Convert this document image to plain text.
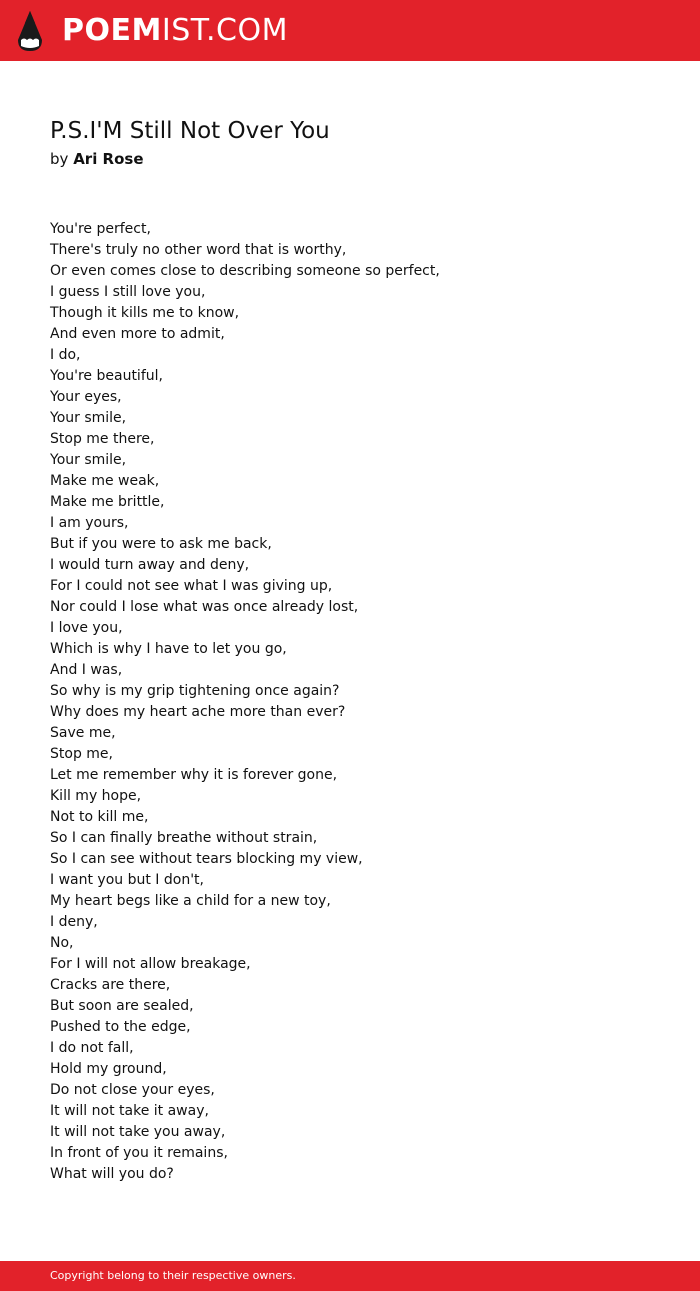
POEMIST.COM
P.S.I'M Still Not Over You
by Ari Rose
You're perfect,
There's truly no other word that is worthy,
Or even comes close to describing someone so perfect,
I guess I still love you,
Though it kills me to know,
And even more to admit,
I do,
You're beautiful,
Your eyes,
Your smile,
Stop me there,
Your smile,
Make me weak,
Make me brittle,
I am yours,
But if you were to ask me back,
I would turn away and deny,
For I could not see what I was giving up,
Nor could I lose what was once already lost,
I love you,
Which is why I have to let you go,
And I was,
So why is my grip tightening once again?
Why does my heart ache more than ever?
Save me,
Stop me,
Let me remember why it is forever gone,
Kill my hope,
Not to kill me,
So I can finally breathe without strain,
So I can see without tears blocking my view,
I want you but I don't,
My heart begs like a child for a new toy,
I deny,
No,
For I will not allow breakage,
Cracks are there,
But soon are sealed,
Pushed to the edge,
I do not fall,
Hold my ground,
Do not close your eyes,
It will not take it away,
It will not take you away,
In front of you it remains,
What will you do?
Copyright belong to their respective owners.
